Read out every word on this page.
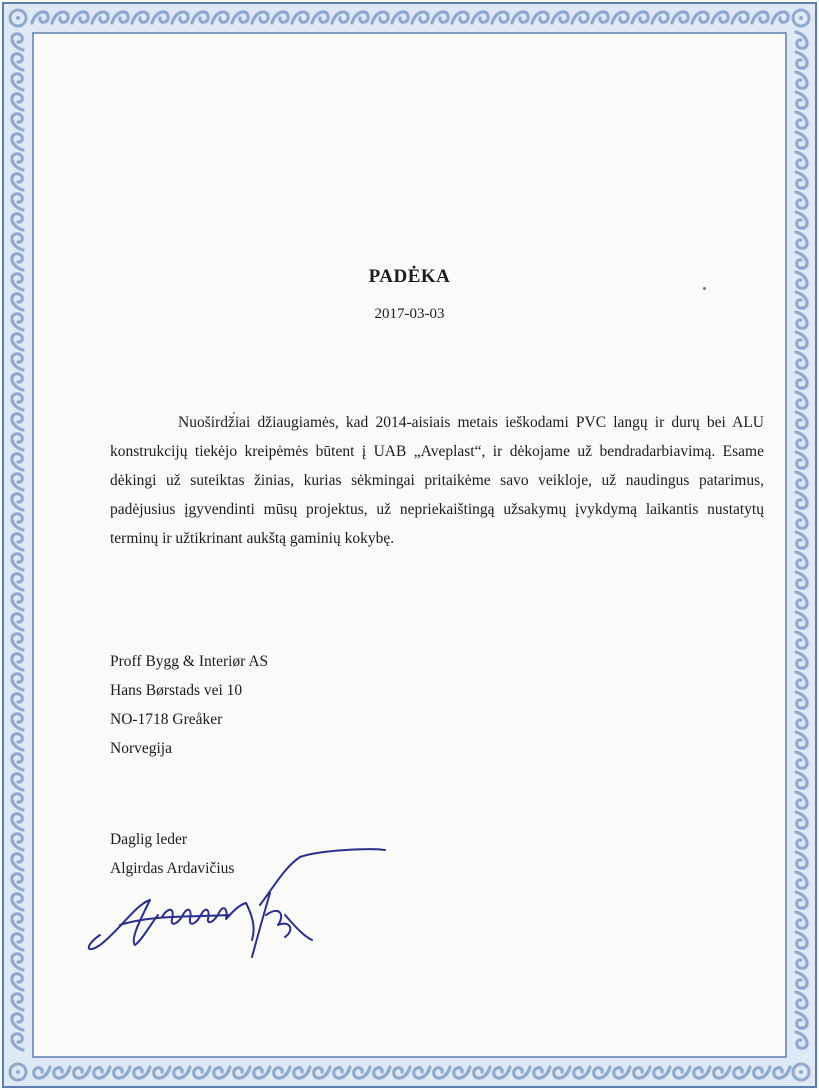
PADĖKA
2017-03-03

Nuoširdžiai džiaugiamės, kad 2014-aisiais metais ieškodami PVC langų ir durų bei ALU konstrukcijų tiekėjo kreipėmės būtent į UAB „Aveplast“, ir dėkojame už bendradarbiavimą. Esame dėkingi už suteiktas žinias, kurias sėkmingai pritaikėme savo veikloje, už naudingus patarimus, padėjusius įgyvendinti mūsų projektus, už nepriekaištingą užsakymų įvykdymą laikantis nustatytų terminų ir užtikrinant aukštą gaminių kokybę.

Proff Bygg & Interiør AS
Hans Børstads vei 10
NO-1718 Greåker
Norvegija
Daglig leder
Algirdas Ardavičius
